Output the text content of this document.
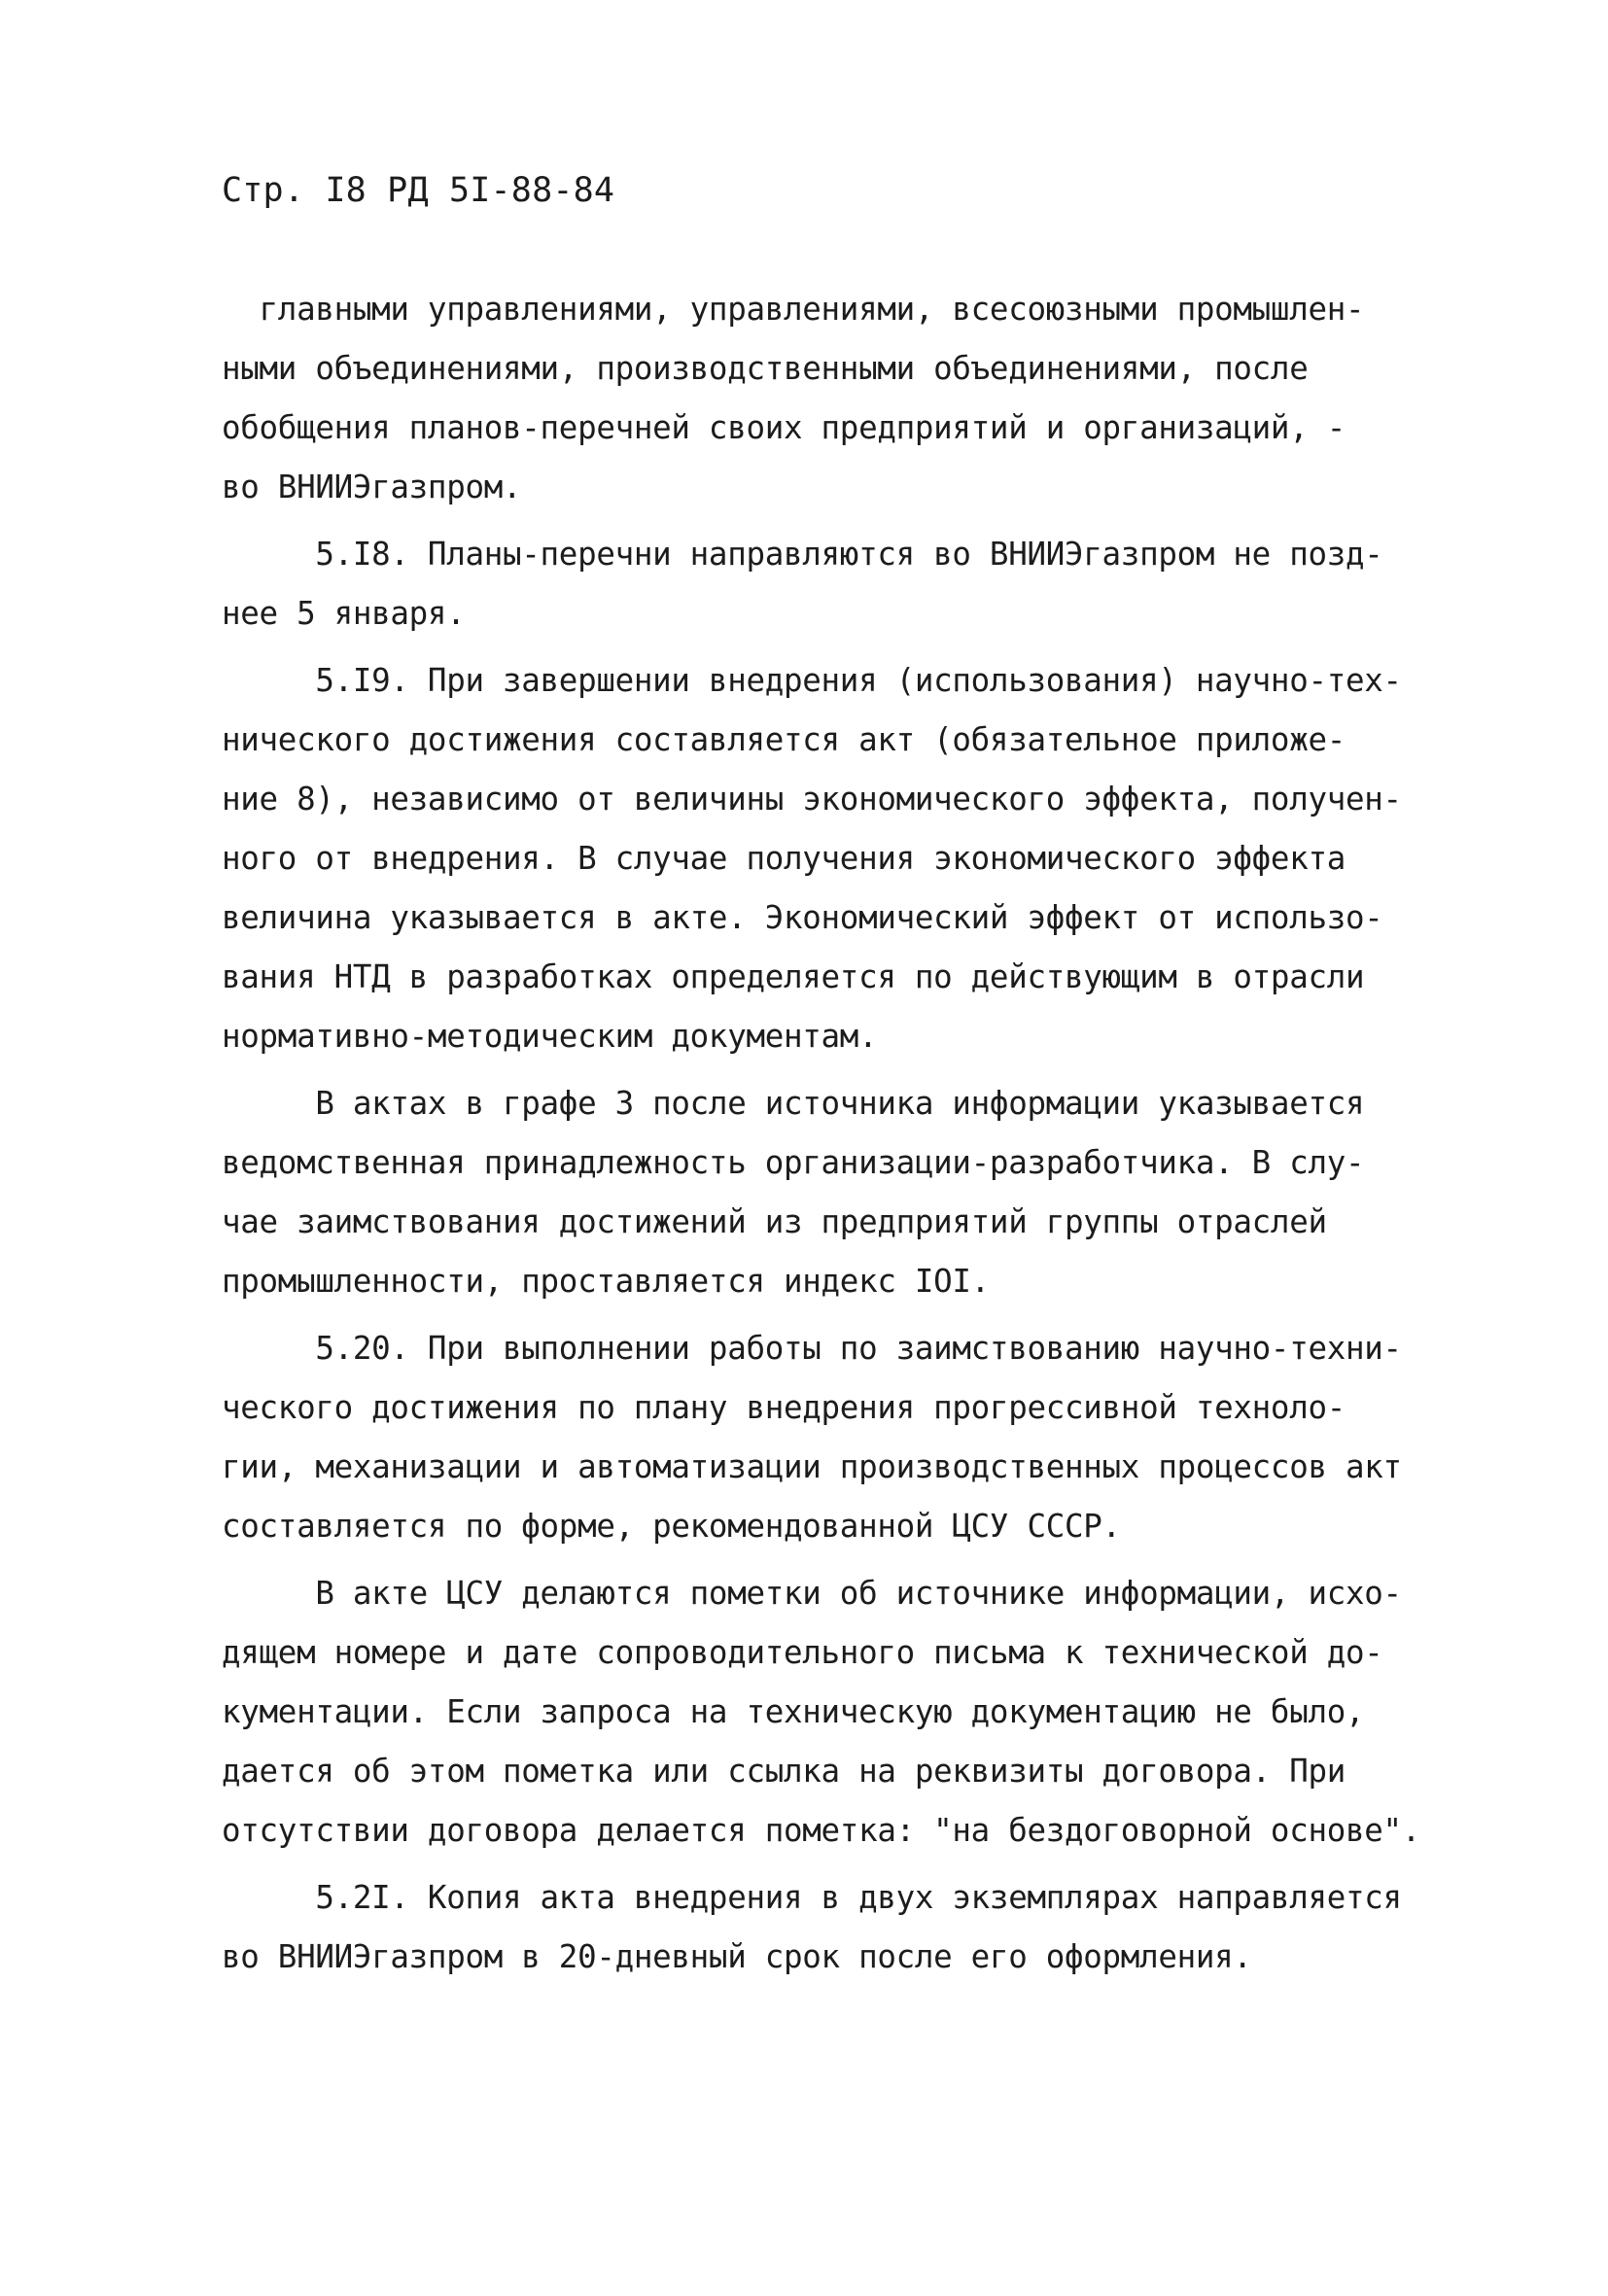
Стр. I8 РД 5I-88-84
главными управлениями, управлениями, всесоюзными промышлен-
ными объединениями, производственными объединениями, после
обобщения планов-перечней своих предприятий и организаций, -
во ВНИИЭгазпром.
5.I8. Планы-перечни направляются во ВНИИЭгазпром не позд-
нее 5 января.
5.I9. При завершении внедрения (использования) научно-тех-
нического достижения составляется акт (обязательное приложе-
ние 8), независимо от величины экономического эффекта, получен-
ного от внедрения. В случае получения экономического эффекта
величина указывается в акте. Экономический эффект от использо-
вания НТД в разработках определяется по действующим в отрасли
нормативно-методическим документам.
В актах в графе 3 после источника информации указывается
ведомственная принадлежность организации-разработчика. В слу-
чае заимствования достижений из предприятий группы отраслей
промышленности, проставляется индекс IOI.
5.20. При выполнении работы по заимствованию научно-техни-
ческого достижения по плану внедрения прогрессивной техноло-
гии, механизации и автоматизации производственных процессов акт
составляется по форме, рекомендованной ЦСУ СССР.
В акте ЦСУ делаются пометки об источнике информации, исхо-
дящем номере и дате сопроводительного письма к технической до-
кументации. Если запроса на техническую документацию не было,
дается об этом пометка или ссылка на реквизиты договора. При
отсутствии договора делается пометка: "на бездоговорной основе".
5.2I. Копия акта внедрения в двух экземплярах направляется
во ВНИИЭгазпром в 20-дневный срок после его оформления.
